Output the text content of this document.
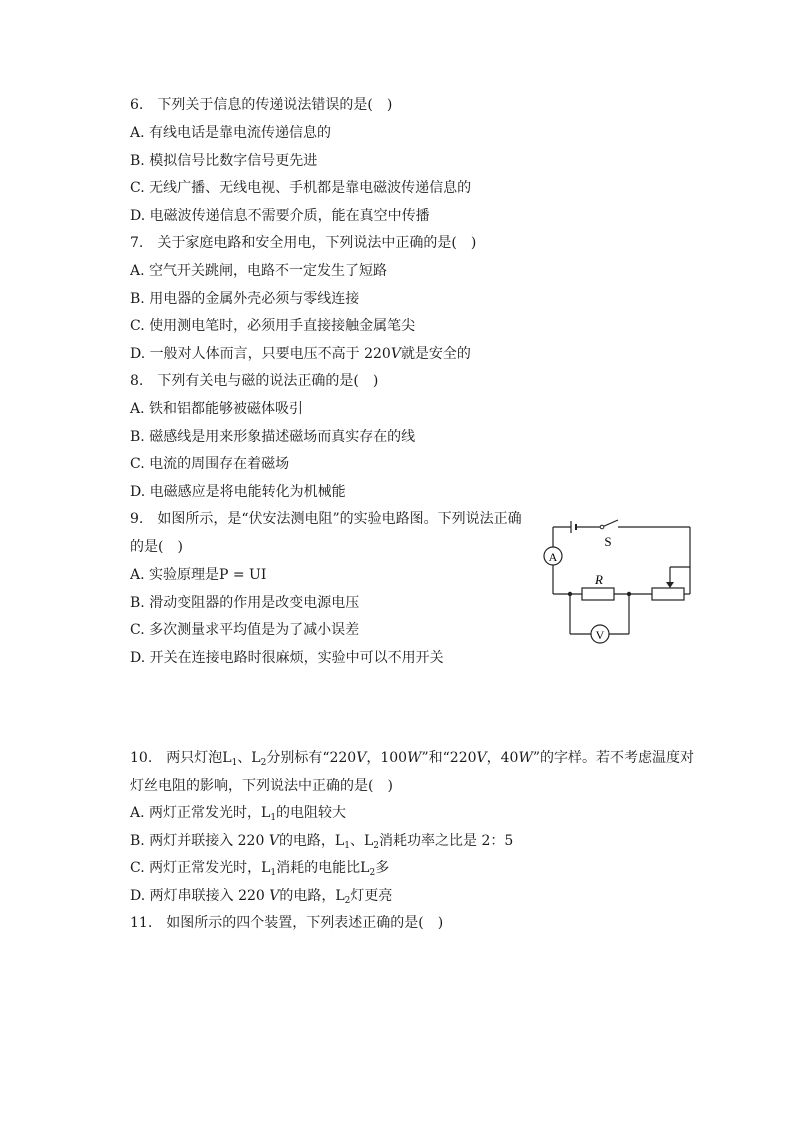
6.　下列关于信息的传递说法错误的是(　)
A. 有线电话是靠电流传递信息的
B. 模拟信号比数字信号更先进
C. 无线广播、无线电视、手机都是靠电磁波传递信息的
D. 电磁波传递信息不需要介质，能在真空中传播
7.　关于家庭电路和安全用电，下列说法中正确的是(　)
A. 空气开关跳闸，电路不一定发生了短路
B. 用电器的金属外壳必须与零线连接
C. 使用测电笔时，必须用手直接接触金属笔尖
D. 一般对人体而言，只要电压不高于 220V就是安全的
8.　下列有关电与磁的说法正确的是(　)
A. 铁和铝都能够被磁体吸引
B. 磁感线是用来形象描述磁场而真实存在的线
C. 电流的周围存在着磁场
D. 电磁感应是将电能转化为机械能
9.　如图所示，是“伏安法测电阻”的实验电路图。下列说法正确
的是(　)
A. 实验原理是P = UI
B. 滑动变阻器的作用是改变电源电压
C. 多次测量求平均值是为了减小误差
D. 开关在连接电路时很麻烦，实验中可以不用开关
A
V
S
R
10.　两只灯泡$L_1$、$L_2$分别标有“220V，100W”和“220V，40W”的字样。若不考虑温度对
灯丝电阻的影响，下列说法中正确的是(　)
A. 两灯正常发光时，$L_1$的电阻较大
B. 两灯并联接入 220 V的电路，$L_1$、$L_2$消耗功率之比是 2：5
C. 两灯正常发光时，$L_1$消耗的电能比$L_2$多
D. 两灯串联接入 220 V的电路，$L_2$灯更亮
11.　如图所示的四个装置，下列表述正确的是(　)
